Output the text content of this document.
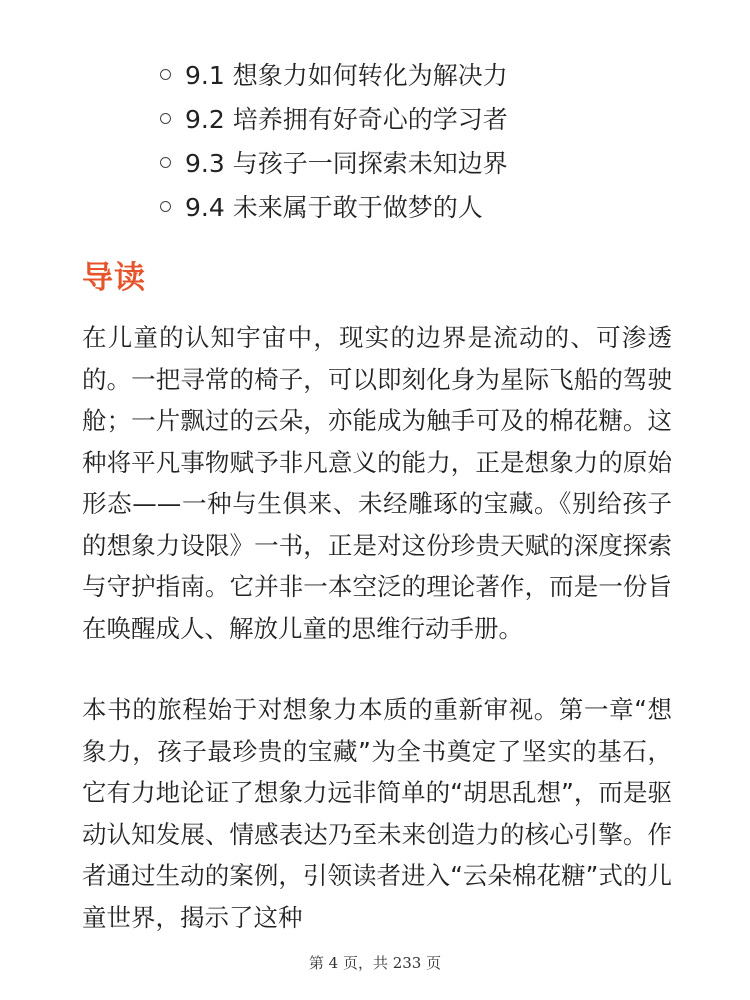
9.1 想象力如何转化为解决力
9.2 培养拥有好奇心的学习者
9.3 与孩子一同探索未知边界
9.4 未来属于敢于做梦的人
导读

在儿童的认知宇宙中，现实的边界是流动的、可渗透的。一把寻常的椅子，可以即刻化身为星际飞船的驾驶舱；一片飘过的云朵，亦能成为触手可及的棉花糖。这种将平凡事物赋予非凡意义的能力，正是想象力的原始形态——一种与生俱来、未经雕琢的宝藏。《别给孩子的想象力设限》一书，正是对这份珍贵天赋的深度探索与守护指南。它并非一本空泛的理论著作，而是一份旨在唤醒成人、解放儿童的思维行动手册。

本书的旅程始于对想象力本质的重新审视。第一章“想象力，孩子最珍贵的宝藏”为全书奠定了坚实的基石，它有力地论证了想象力远非简单的“胡思乱想”，而是驱动认知发展、情感表达乃至未来创造力的核心引擎。作者通过生动的案例，引领读者进入“云朵棉花糖”式的儿童世界，揭示了这种

第 4 页，共 233 页
